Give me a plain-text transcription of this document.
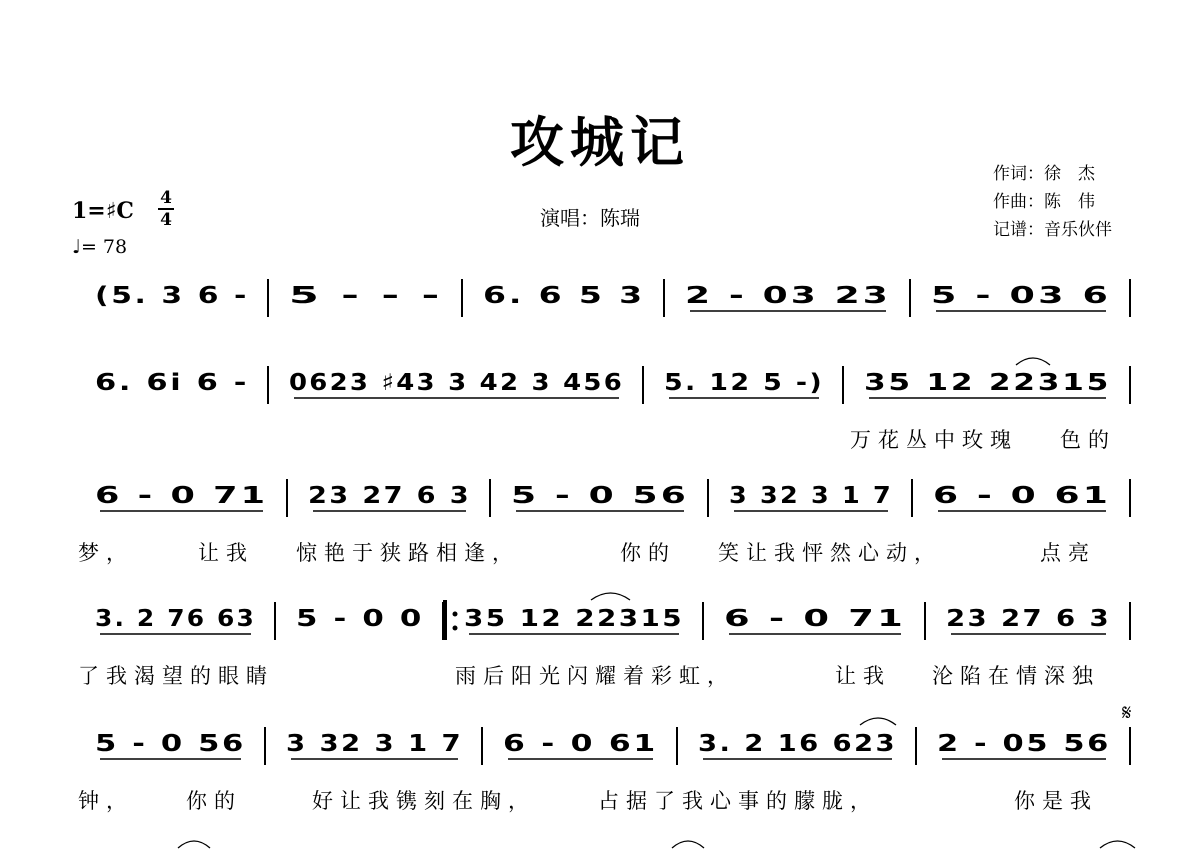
攻城记	作词：徐　杰
作曲：陈　伟
记谱：音乐伙伴
演唱：陈瑞
1=♯C 4
4
♩= 78
(5. 3 6 - 5 - - - 6. 6 5 3 2 - 03 23 5 - 03 6
6. 6i 6 - 0623 ♯43 3 42 3 456 5. 12 5 -) 35 12 22315
6 - 0 71 23 27 6 3 5 - 0 56 3 32 3 1 7 6 - 0 61
3. 2 76 63 5 - 0 0 35 12 22315 6 - 0 71 23 27 6 3
5 - 0 56 3 32 3 1 7 6 - 0 61 3. 2 16 623 2 - 05 56
万花丛中玫瑰 色的
梦，	让我 惊艳于狭路相逢，	你的 笑让我怦然心动，	点亮
了我渴望的眼睛	雨后阳光闪耀着彩虹，	让我 沦陷在情深独
钟， 你的	好让我镌刻在胸，	占据了我心事的朦胧，	你是我
𝄋
